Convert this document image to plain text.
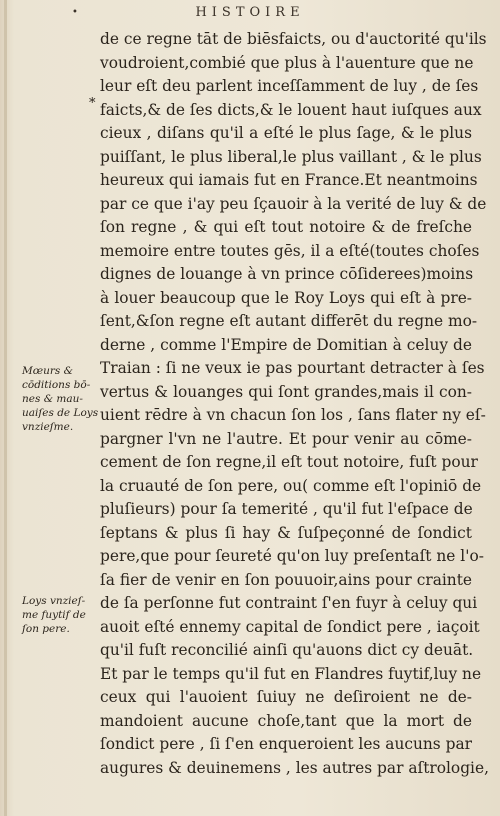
•	HISTOIRE
*
de ce regne tāt de biēsfaicts, ou d'auctorité qu'ils
voudroient,combié que plus à l'auenture que ne
leur eſt deu parlent inceſſamment de luy , de ſes
faicts,& de ſes dicts,& le louent haut iuſques aux
cieux , diſans qu'il a eſté le plus ſage, & le plus
puiſſant, le plus liberal,le plus vaillant , & le plus
heureux qui iamais fut en France.Et neantmoins
par ce que i'ay peu ſçauoir à la verité de luy & de
ſon regne , & qui eſt tout notoire & de freſche
memoire entre toutes gēs, il a eſté(toutes choſes
dignes de louange à vn prince cōſiderees)moins
à louer beaucoup que le Roy Loys qui eſt à pre-
ſent,&ſon regne eſt autant differēt du regne mo-
derne , comme l'Empire de Domitian à celuy de
Traian : ſi ne veux ie pas pourtant detracter à ſes
vertus & louanges qui ſont grandes,mais il con-
uient rēdre à vn chacun ſon los , ſans flater ny eſ-
pargner l'vn ne l'autre. Et pour venir au cōme-
cement de ſon regne,il eſt tout notoire, fuſt pour
la cruauté de ſon pere, ou( comme eſt l'opiniō de
pluſieurs) pour ſa temerité , qu'il fut l'eſpace de
ſeptans & plus ſi hay & ſuſpeçonné de ſondict
pere,que pour ſeureté qu'on luy preſentaſt ne l'o-
ſa fier de venir en ſon pouuoir,ains pour crainte
de ſa perſonne fut contraint ſ'en fuyr à celuy qui
auoit eſté ennemy capital de ſondict pere , iaçoit
qu'il fuſt reconcilié ainſi qu'auons dict cy deuāt.
Et par le temps qu'il fut en Flandres fuytif,luy ne
ceux qui l'auoient ſuiuy ne deſiroient ne de-
mandoient aucune choſe,tant que la mort de
ſondict pere , ſi ſ'en enqueroient les aucuns par
augures & deuinemens , les autres par aſtrologie,
Mœurs &
cōditions bō-
nes & mau-
uaiſes de Loys
vnzieſme.
Loys vnzieſ-
me fuytif de
ſon pere.
